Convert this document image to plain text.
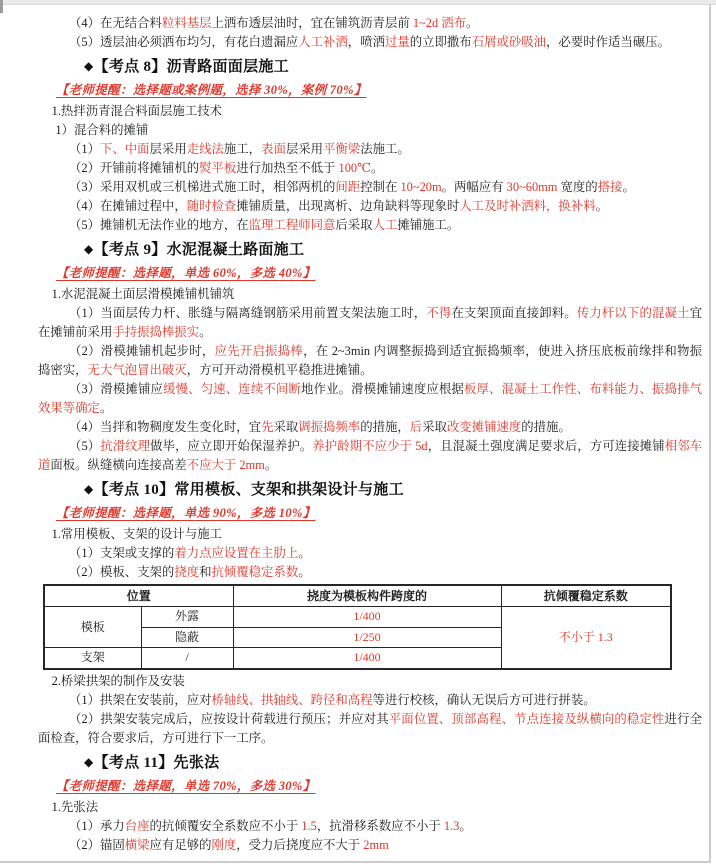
（4）在无结合料粒料基层上洒布透层油时，宜在铺筑沥青层前 1~2d 洒布。

（5）透层油必须洒布均匀，有花白遗漏应人工补洒，喷洒过量的立即撒布石屑或砂吸油，必要时作适当碾压。

◆【考点 8】沥青路面面层施工

【老师提醒：选择题或案例题，选择 30%，案例 70%】

1.热拌沥青混合料面层施工技术

1）混合料的摊铺

（1）下、中面层采用走线法施工，表面层采用平衡梁法施工。

（2）开铺前将摊铺机的熨平板进行加热至不低于 100℃。

（3）采用双机或三机梯进式施工时，相邻两机的间距控制在 10~20m。两幅应有 30~60mm 宽度的搭接。

（4）在摊铺过程中，随时检查摊铺质量，出现离析、边角缺料等现象时人工及时补洒料，换补料。

（5）摊铺机无法作业的地方，在监理工程师同意后采取人工摊铺施工。

◆【考点 9】水泥混凝土路面施工

【老师提醒：选择题，单选 60%，多选 40%】

1.水泥混凝土面层滑模摊铺机铺筑

（1）当面层传力杆、胀缝与隔离缝钢筋采用前置支架法施工时，不得在支架顶面直接卸料。传力杆以下的混凝土宜在摊铺前采用手持振捣棒振实。

（2）滑模摊铺机起步时，应先开启振捣棒，在 2~3min 内调整振捣到适宜振捣频率，使进入挤压底板前缘拌和物振捣密实，无大气泡冒出破灭，方可开动滑模机平稳推进摊铺。

（3）滑模摊铺应缓慢、匀速、连续不间断地作业。滑模摊铺速度应根据板厚、混凝土工作性、布料能力、振捣排气效果等确定。

（4）当拌和物稠度发生变化时，宜先采取调振捣频率的措施，后采取改变摊铺速度的措施。

（5）抗滑纹理做毕，应立即开始保湿养护。养护龄期不应少于 5d，且混凝土强度满足要求后，方可连接摊铺相邻车道面板。纵缝横向连接高差不应大于 2mm。

◆【考点 10】常用模板、支架和拱架设计与施工

【老师提醒：选择题，单选 90%，多选 10%】

1.常用模板、支架的设计与施工

（1）支架或支撑的着力点应设置在主肋上。

（2）模板、支架的挠度和抗倾覆稳定系数。

位置		挠度为模板构件跨度的	抗倾覆稳定系数
模板	外露	1/400	不小于 1.3
	隐蔽	1/250	
支架	/	1/400	

2.桥梁拱架的制作及安装

（1）拱架在安装前，应对桥轴线、拱轴线、跨径和高程等进行校核，确认无误后方可进行拼装。

（2）拱架安装完成后，应按设计荷载进行预压；并应对其平面位置、顶部高程、节点连接及纵横向的稳定性进行全面检查，符合要求后，方可进行下一工序。

◆【考点 11】先张法

【老师提醒：选择题，单选 70%，多选 30%】

1.先张法

（1）承力台座的抗倾覆安全系数应不小于 1.5，抗滑移系数应不小于 1.3。

（2）锚固横梁应有足够的刚度，受力后挠度应不大于 2mm
